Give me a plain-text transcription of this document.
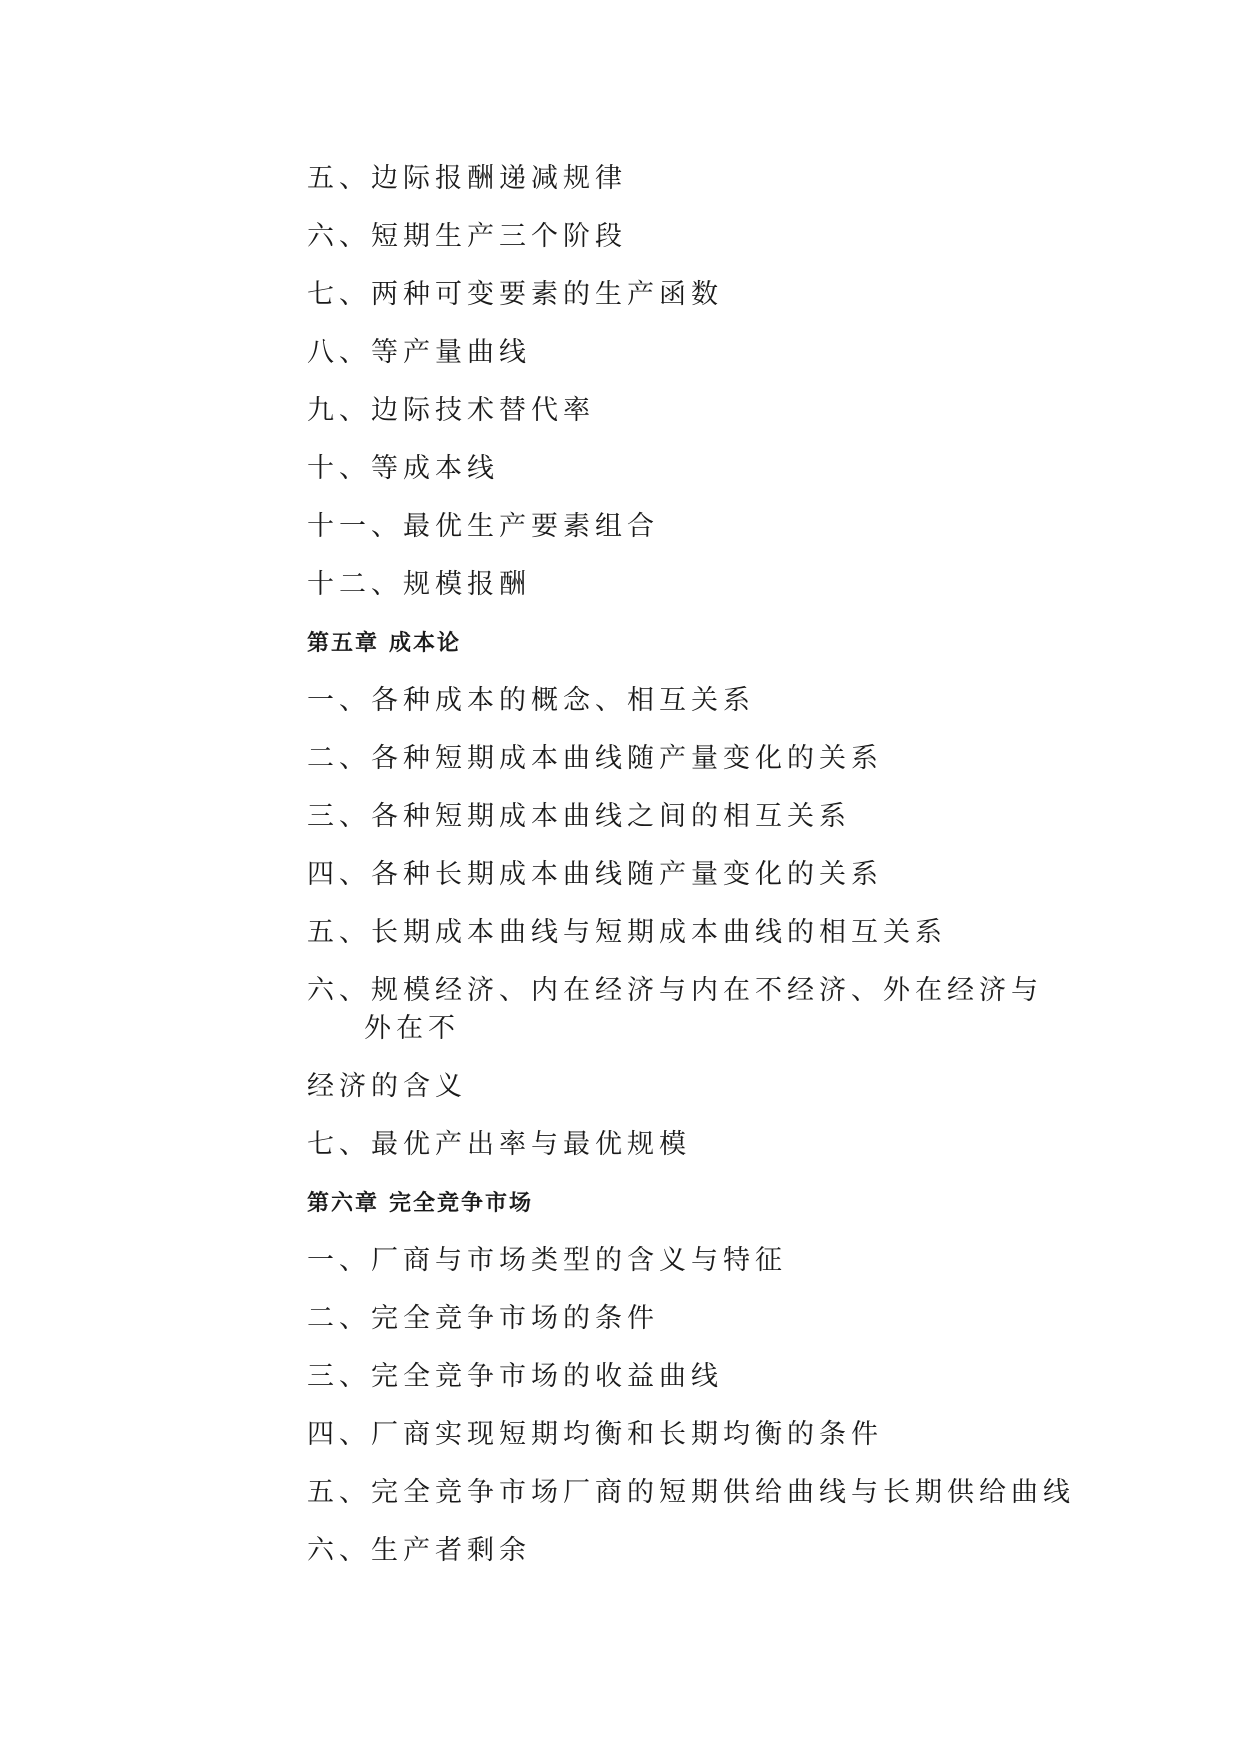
五、边际报酬递减规律
六、短期生产三个阶段
七、两种可变要素的生产函数
八、等产量曲线
九、边际技术替代率
十、等成本线
十一、最优生产要素组合
十二、规模报酬
第五章 成本论
一、各种成本的概念、相互关系
二、各种短期成本曲线随产量变化的关系
三、各种短期成本曲线之间的相互关系
四、各种长期成本曲线随产量变化的关系
五、长期成本曲线与短期成本曲线的相互关系
六、规模经济、内在经济与内在不经济、外在经济与外在不
经济的含义
七、最优产出率与最优规模
第六章 完全竞争市场
一、厂商与市场类型的含义与特征
二、完全竞争市场的条件
三、完全竞争市场的收益曲线
四、厂商实现短期均衡和长期均衡的条件
五、完全竞争市场厂商的短期供给曲线与长期供给曲线
六、生产者剩余
